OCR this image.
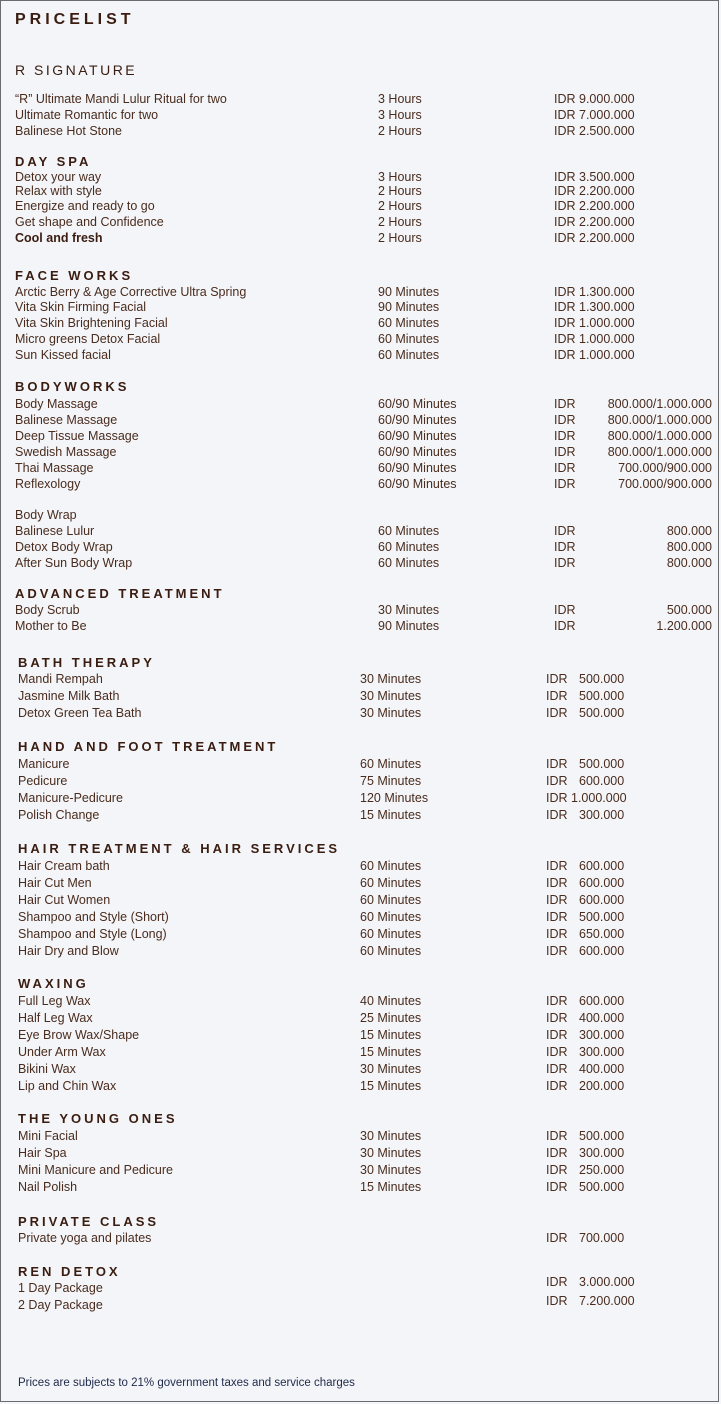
PRICELIST
R SIGNATURE
“R” Ultimate Mandi Lulur Ritual for two	3 Hours	IDR 9.000.000
Ultimate Romantic for two	3 Hours	IDR 7.000.000
Balinese Hot Stone	2 Hours	IDR 2.500.000
DAY SPA
Detox your way	3 Hours	IDR 3.500.000
Relax with style	2 Hours	IDR 2.200.000
Energize and ready to go	2 Hours	IDR 2.200.000
Get shape and Confidence	2 Hours	IDR 2.200.000
Cool and fresh	2 Hours	IDR 2.200.000
FACE WORKS
Arctic Berry & Age Corrective Ultra Spring	90 Minutes	IDR 1.300.000
Vita Skin Firming Facial	90 Minutes	IDR 1.300.000
Vita Skin Brightening Facial	60 Minutes	IDR 1.000.000
Micro greens Detox Facial	60 Minutes	IDR 1.000.000
Sun Kissed facial	60 Minutes	IDR 1.000.000
BODYWORKS
Body Massage	60/90 Minutes	IDR	800.000/1.000.000
Balinese Massage	60/90 Minutes	IDR	800.000/1.000.000
Deep Tissue Massage	60/90 Minutes	IDR	800.000/1.000.000
Swedish Massage	60/90 Minutes	IDR	800.000/1.000.000
Thai Massage	60/90 Minutes	IDR	700.000/900.000
Reflexology	60/90 Minutes	IDR	700.000/900.000
Body Wrap
Balinese Lulur	60 Minutes	IDR	800.000
Detox Body Wrap	60 Minutes	IDR	800.000
After Sun Body Wrap	60 Minutes	IDR	800.000
ADVANCED TREATMENT
Body Scrub	30 Minutes	IDR	500.000
Mother to Be	90 Minutes	IDR	1.200.000
BATH THERAPY
Mandi Rempah	30 Minutes	IDR 500.000
Jasmine Milk Bath	30 Minutes	IDR 500.000
Detox Green Tea Bath	30 Minutes	IDR 500.000
HAND AND FOOT TREATMENT
Manicure	60 Minutes	IDR 500.000
Pedicure	75 Minutes	IDR 600.000
Manicure-Pedicure	120 Minutes	IDR 1.000.000
Polish Change	15 Minutes	IDR 300.000
HAIR TREATMENT & HAIR SERVICES
Hair Cream bath	60 Minutes	IDR 600.000
Hair Cut Men	60 Minutes	IDR 600.000
Hair Cut Women	60 Minutes	IDR 600.000
Shampoo and Style (Short)	60 Minutes	IDR 500.000
Shampoo and Style (Long)	60 Minutes	IDR 650.000
Hair Dry and Blow	60 Minutes	IDR 600.000
WAXING
Full Leg Wax	40 Minutes	IDR 600.000
Half Leg Wax	25 Minutes	IDR 400.000
Eye Brow Wax/Shape	15 Minutes	IDR 300.000
Under Arm Wax	15 Minutes	IDR 300.000
Bikini Wax	30 Minutes	IDR 400.000
Lip and Chin Wax	15 Minutes	IDR 200.000
THE YOUNG ONES
Mini Facial	30 Minutes	IDR 500.000
Hair Spa	30 Minutes	IDR 300.000
Mini Manicure and Pedicure	30 Minutes	IDR 250.000
Nail Polish	15 Minutes	IDR 500.000
PRIVATE CLASS
Private yoga and pilates	IDR 700.000
REN DETOX
1 Day Package	IDR 3.000.000
2 Day Package	IDR 7.200.000
Prices are subjects to 21% government taxes and service charges
